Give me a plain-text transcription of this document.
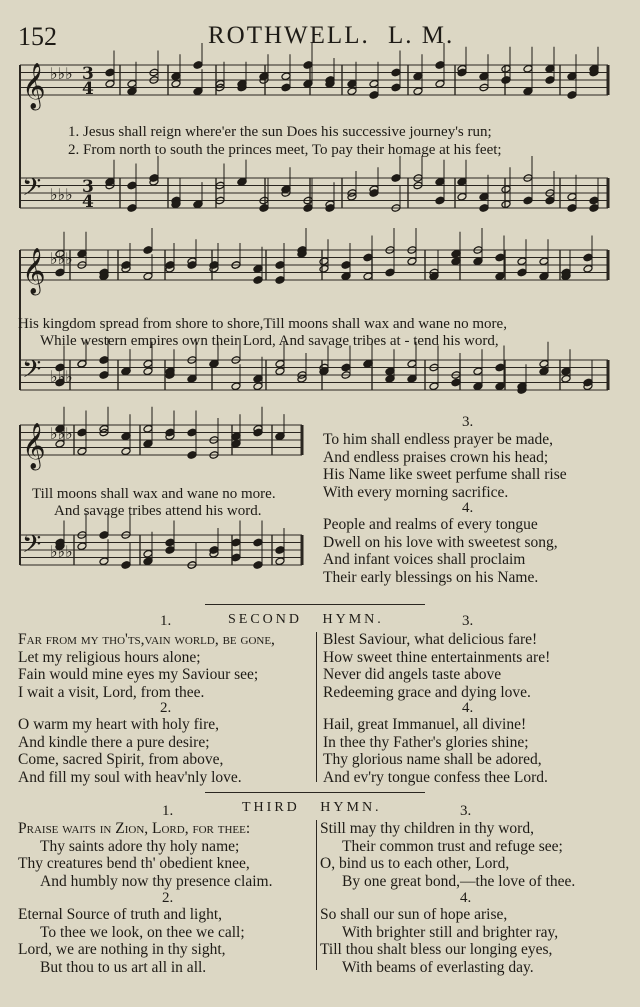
152	ROTHWELL. L. M.
𝄞 ♭♭♭
𝄢 ♭♭♭
𝄞 ♭♭♭
𝄢 ♭♭♭
𝄞 ♭♭♭
𝄢 ♭♭♭
3
4
3
4
1. Jesus shall reign where'er the sun Does his successive journey's run;
2. From north to south the princes meet, To pay their homage at his feet;
His kingdom spread from shore to shore,Till moons shall wax and wane no more,
While western empires own their Lord, And savage tribes at - tend his word,
Till moons shall wax and wane no more.
And savage tribes attend his word.
3.
To him shall endless prayer be made,
And endless praises crown his head;
His Name like sweet perfume shall rise
With every morning sacrifice.
4.
People and realms of every tongue
Dwell on his love with sweetest song,
And infant voices shall proclaim
Their early blessings on his Name.
1.	SECOND HYMN.	3.
Far from my tho'ts,vain world, be gone,
Let my religious hours alone;
Fain would mine eyes my Saviour see;
I wait a visit, Lord, from thee.
2.
O warm my heart with holy fire,
And kindle there a pure desire;
Come, sacred Spirit, from above,
And fill my soul with heav'nly love.
Blest Saviour, what delicious fare!
How sweet thine entertainments are!
Never did angels taste above
Redeeming grace and dying love.
4.
Hail, great Immanuel, all divine!
In thee thy Father's glories shine;
Thy glorious name shall be adored,
And ev'ry tongue confess thee Lord.
1.	THIRD HYMN.	3.
Praise waits in Zion, Lord, for thee:
Thy saints adore thy holy name;
Thy creatures bend th' obedient knee,
And humbly now thy presence claim.
2.
Eternal Source of truth and light,
To thee we look, on thee we call;
Lord, we are nothing in thy sight,
But thou to us art all in all.
Still may thy children in thy word,
Their common trust and refuge see;
O, bind us to each other, Lord,
By one great bond,—the love of thee.
4.
So shall our sun of hope arise,
With brighter still and brighter ray,
Till thou shalt bless our longing eyes,
With beams of everlasting day.
